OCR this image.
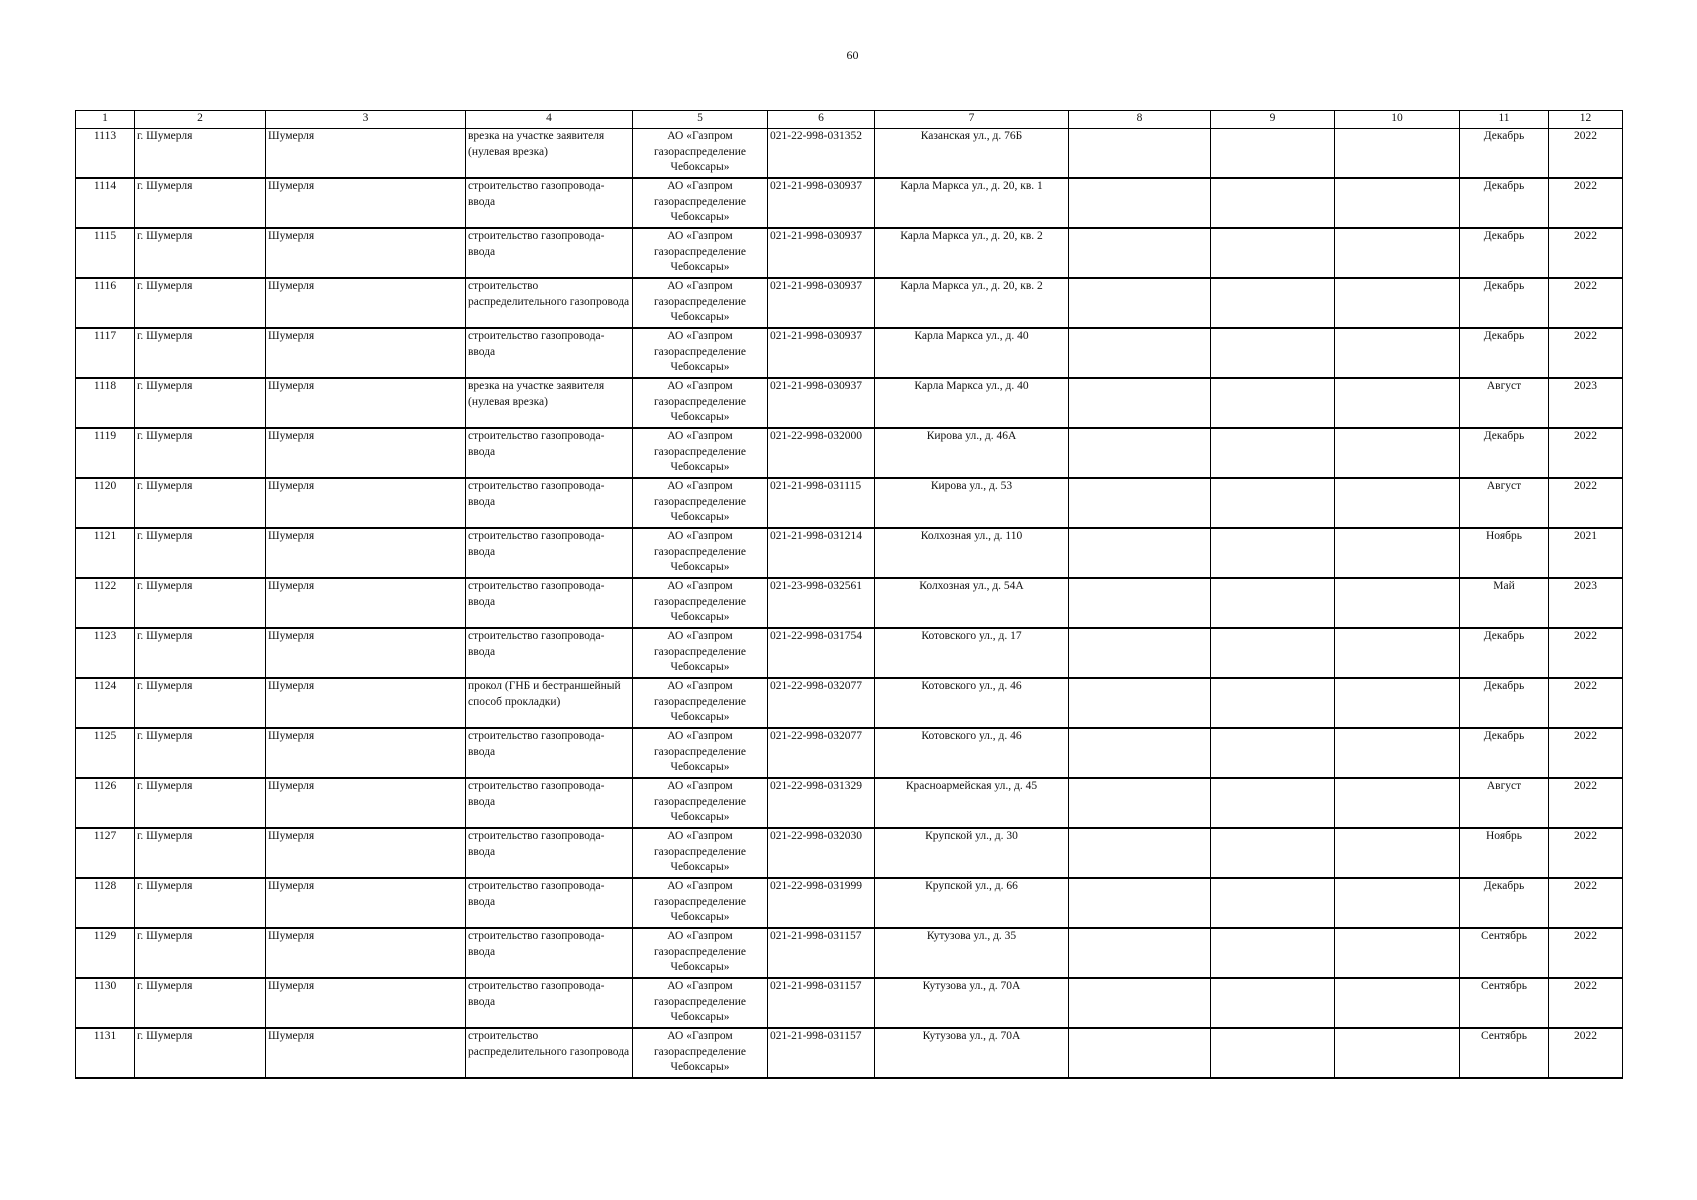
60
1	2	3	4	5	6	7	8	9	10	11	12
1113	г. Шумерля	Шумерля	врезка на участке заявителя (нулевая врезка)	АО «Газпром газораспределение Чебоксары»	021-22-998-031352	Казанская ул., д. 76Б				Декабрь	2022
1114	г. Шумерля	Шумерля	строительство газопровода-ввода	АО «Газпром газораспределение Чебоксары»	021-21-998-030937	Карла Маркса ул., д. 20, кв. 1				Декабрь	2022
1115	г. Шумерля	Шумерля	строительство газопровода-ввода	АО «Газпром газораспределение Чебоксары»	021-21-998-030937	Карла Маркса ул., д. 20, кв. 2				Декабрь	2022
1116	г. Шумерля	Шумерля	строительство распределительного газопровода	АО «Газпром газораспределение Чебоксары»	021-21-998-030937	Карла Маркса ул., д. 20, кв. 2				Декабрь	2022
1117	г. Шумерля	Шумерля	строительство газопровода-ввода	АО «Газпром газораспределение Чебоксары»	021-21-998-030937	Карла Маркса ул., д. 40				Декабрь	2022
1118	г. Шумерля	Шумерля	врезка на участке заявителя (нулевая врезка)	АО «Газпром газораспределение Чебоксары»	021-21-998-030937	Карла Маркса ул., д. 40				Август	2023
1119	г. Шумерля	Шумерля	строительство газопровода-ввода	АО «Газпром газораспределение Чебоксары»	021-22-998-032000	Кирова ул., д. 46А				Декабрь	2022
1120	г. Шумерля	Шумерля	строительство газопровода-ввода	АО «Газпром газораспределение Чебоксары»	021-21-998-031115	Кирова ул., д. 53				Август	2022
1121	г. Шумерля	Шумерля	строительство газопровода-ввода	АО «Газпром газораспределение Чебоксары»	021-21-998-031214	Колхозная ул., д. 110				Ноябрь	2021
1122	г. Шумерля	Шумерля	строительство газопровода-ввода	АО «Газпром газораспределение Чебоксары»	021-23-998-032561	Колхозная ул., д. 54А				Май	2023
1123	г. Шумерля	Шумерля	строительство газопровода-ввода	АО «Газпром газораспределение Чебоксары»	021-22-998-031754	Котовского ул., д. 17				Декабрь	2022
1124	г. Шумерля	Шумерля	прокол (ГНБ и бестраншейный способ прокладки)	АО «Газпром газораспределение Чебоксары»	021-22-998-032077	Котовского ул., д. 46				Декабрь	2022
1125	г. Шумерля	Шумерля	строительство газопровода-ввода	АО «Газпром газораспределение Чебоксары»	021-22-998-032077	Котовского ул., д. 46				Декабрь	2022
1126	г. Шумерля	Шумерля	строительство газопровода-ввода	АО «Газпром газораспределение Чебоксары»	021-22-998-031329	Красноармейская ул., д. 45				Август	2022
1127	г. Шумерля	Шумерля	строительство газопровода-ввода	АО «Газпром газораспределение Чебоксары»	021-22-998-032030	Крупской ул., д. 30				Ноябрь	2022
1128	г. Шумерля	Шумерля	строительство газопровода-ввода	АО «Газпром газораспределение Чебоксары»	021-22-998-031999	Крупской ул., д. 66				Декабрь	2022
1129	г. Шумерля	Шумерля	строительство газопровода-ввода	АО «Газпром газораспределение Чебоксары»	021-21-998-031157	Кутузова ул., д. 35				Сентябрь	2022
1130	г. Шумерля	Шумерля	строительство газопровода-ввода	АО «Газпром газораспределение Чебоксары»	021-21-998-031157	Кутузова ул., д. 70А				Сентябрь	2022
1131	г. Шумерля	Шумерля	строительство распределительного газопровода	АО «Газпром газораспределение Чебоксары»	021-21-998-031157	Кутузова ул., д. 70А				Сентябрь	2022
